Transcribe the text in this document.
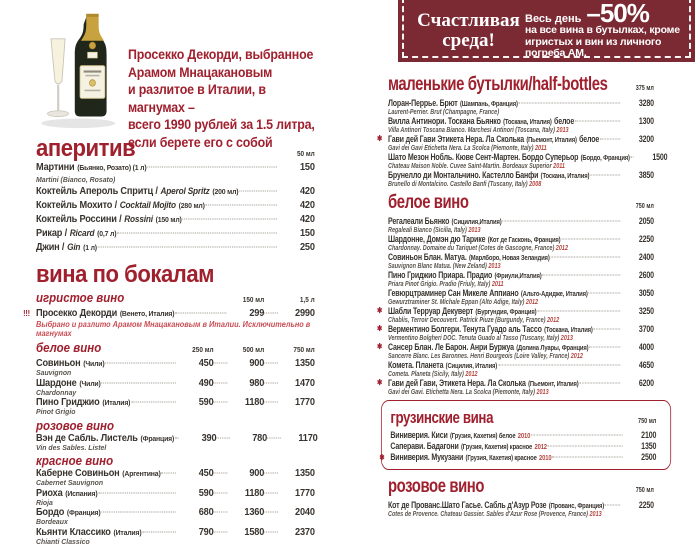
Просекко Декорди, выбранное
Арамом Мнацакановым
и разлитое в Италии, в магнумах –
всего 1990 рублей за 1.5 литра,
если берете его с собой
аперитив	50 мл
Мартини (Бьянко, Розато) (1 л)	150
Martini (Bianco, Rosato)
Коктейль Апероль Спритц / Aperol Spritz (200 мл)	420
Коктейль Мохито / Cocktail Mojito (280 мл)	420
Коктейль Россини / Rossini (150 мл)	420
Рикар / Ricard (0,7 л)	150
Джин / Gin (1 л)	250
вина по бокалам
игристое вино	150 мл	1,5 л
!!! Просекко Декорди (Венето, Италия)	299	2990
Выбрано и разлито Арамом Мнацакановым в Италии. Исключительно в магнумах
белое вино	250 мл	500 мл	750 мл
Совиньон (Чили)	450	900	1350
Sauvignon
Шардоне (Чили)	490	980	1470
Chardonnay
Пино Гриджио (Италия)	590	1180	1770
Pinot Grigio
розовое вино
Вэн де Сабль. Листель (Франция)	390	780	1170
Vin des Sables. Listel
красное вино
Каберне Совиньон (Аргентина)	450	900	1350
Cabernet Sauvignon
Риоха (Испания)	590	1180	1770
Rioja
Бордо (Франция)	680	1360	2040
Bordeaux
Кьянти Классико (Италия)	790	1580	2370
Chianti Classico
Счастливая
среда!
Весь день –50%
на все вина в бутылках, кроме игристых и вин из личного погреба АМ.
маленькие бутылки/half-bottles	375 мл
Лоран-Перрье. Брют (Шампань, Франция)	3280
Laurent-Perrier. Brut (Champagne, France)
Вилла Антинори. Тоскана Бьянко (Тоскана, Италия) белое	1300
Villa Antinori Toscana Bianco. Marchesi Antinori (Toscana, Italy) 2013
✱ Гави дей Гави Этикета Нера. Ла Сколька (Пьемонт, Италия) белое	3200
Gavi dei Gavi Etichetta Nera. La Scolca (Piemonte, Italy) 2011
Шато Мезон Нобль. Кюве Сент-Мартен. Бордо Суперьор (Бордо, Франция)	1500
Chateau Maison Noble. Cuvee Saint-Martin. Bordeaux Superior 2011
Брунелло ди Монтальчино. Кастелло Банфи (Тоскана, Италия)	3850
Brunello di Montalcino. Castello Banfi (Tuscany, Italy) 2008
белое вино	750 мл
Регалеали Бьянко (Сицилия,Италия)	2050
Regaleali Bianco (Sicilia, Italy) 2013
Шардонне, Домэн дю Тарике (Кот де Гасконь, Франция)	2250
Chardonnay. Domaine du Tariquet (Cotes de Gascogne, France) 2012
Совиньон Блан. Матуа. (Марлборо, Новая Зеландия)	2400
Sauvignon Blanc Matua. (New Zeland) 2013
Пино Гриджио Приара. Прадио (Фриули,Италия)	2600
Priara Pinot Grigio. Pradio (Friuly, Italy) 2011
Гевюрцтраминер Сан Микеле Аппиано (Альто-Адидже, Италия)	3050
Gewurztraminer St. Michale Eppan (Alto Adige, Italy) 2012
✱ Шабли Терруар Декуверт (Бургундия, Франция)	3250
Chablis, Terroir Decouvert. Patrick Piuze (Burgundy, France) 2012
✱ Верментино Болгери. Тенута Гуадо аль Тассо (Тоскана, Италия)	3700
Vermentino Bolgheri DOC. Tenuta Guado al Tasso (Tuscany, Italy) 2013
✱ Сансер Блан. Ле Барон. Анри Буржуа (Долина Луары, Франция)	4000
Sancerre Blanc. Les Baronnes. Henri Bourgeois (Loire Valley, France) 2012
Комета. Планета (Сицилия, Италия)	4650
Cometa. Planeta (Sicily, Italy) 2012
✱ Гави дей Гави, Этикета Нера. Ла Сколька (Пьемонт, Италия)	6200
Gavi dei Gavi. Etichetta Nera. La Scolca (Piemonte, Italy) 2013
грузинские вина	750 мл
Виниверия. Киси (Грузия, Кахетия) белое 2010	2100
Саперави. Бадагони (Грузия, Кахетия) красное 2012	1350
✱ Виниверия. Мукузани (Грузия, Кахетия) красное 2010	2500
розовое вино	750 мл
Кот де Прованс.Шато Гасье. Сабль д'Азур Розе (Прованс, Франция)	2250
Cotes de Provence. Chateau Gassier. Sables d'Azur Rose (Provence, France) 2013
